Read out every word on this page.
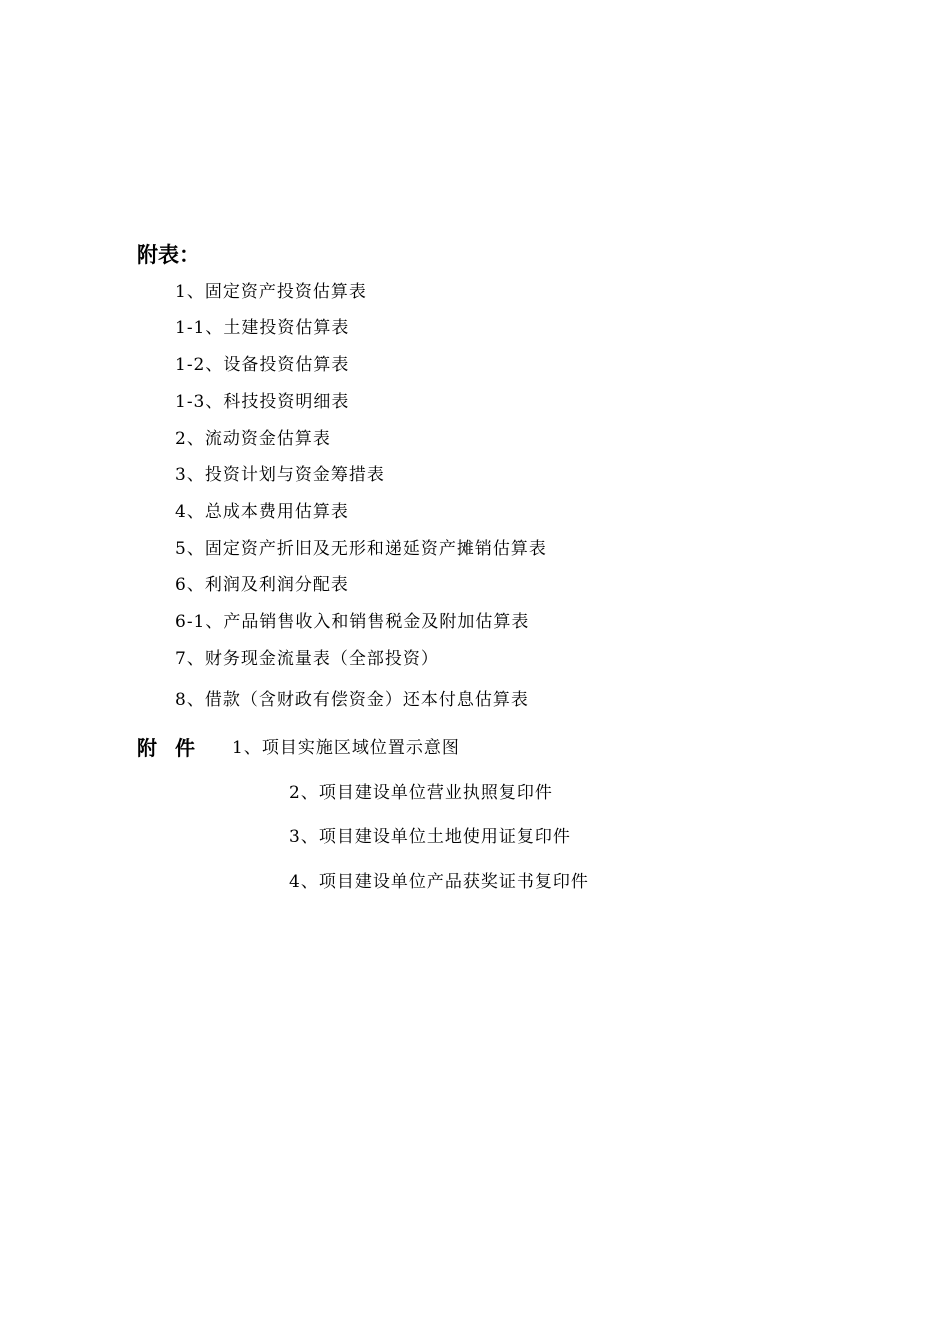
附表：
1、固定资产投资估算表
1-1、土建投资估算表
1-2、设备投资估算表
1-3、科技投资明细表
2、流动资金估算表
3、投资计划与资金筹措表
4、总成本费用估算表
5、固定资产折旧及无形和递延资产摊销估算表
6、利润及利润分配表
6-1、产品销售收入和销售税金及附加估算表
7、财务现金流量表（全部投资）
8、借款（含财政有偿资金）还本付息估算表
附件 1、项目实施区域位置示意图
2、项目建设单位营业执照复印件
3、项目建设单位土地使用证复印件
4、项目建设单位产品获奖证书复印件
